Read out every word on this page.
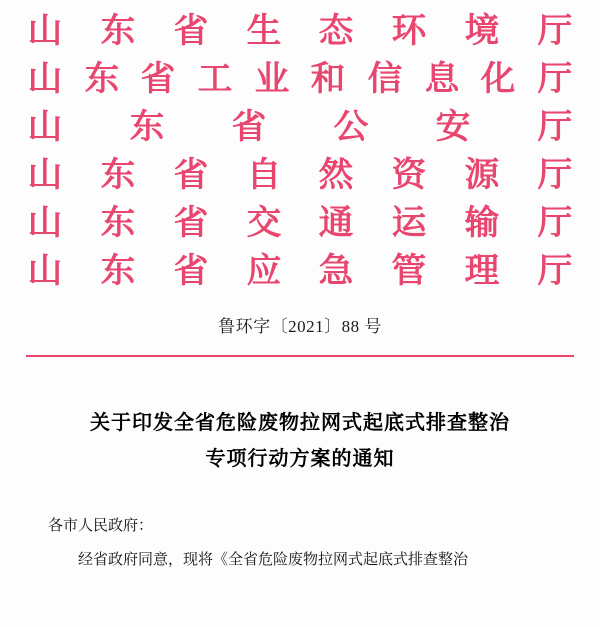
山 东 省 生 态 环 境 厅
山 东 省 工 业 和 信 息 化 厅
山 东 省 公 安 厅
山 东 省 自 然 资 源 厅
山 东 省 交 通 运 输 厅
山 东 省 应 急 管 理 厅
鲁环字〔2021〕88 号
关于印发全省危险废物拉网式起底式排查整治
专项行动方案的通知
各市人民政府：
经省政府同意，现将《全省危险废物拉网式起底式排查整治
